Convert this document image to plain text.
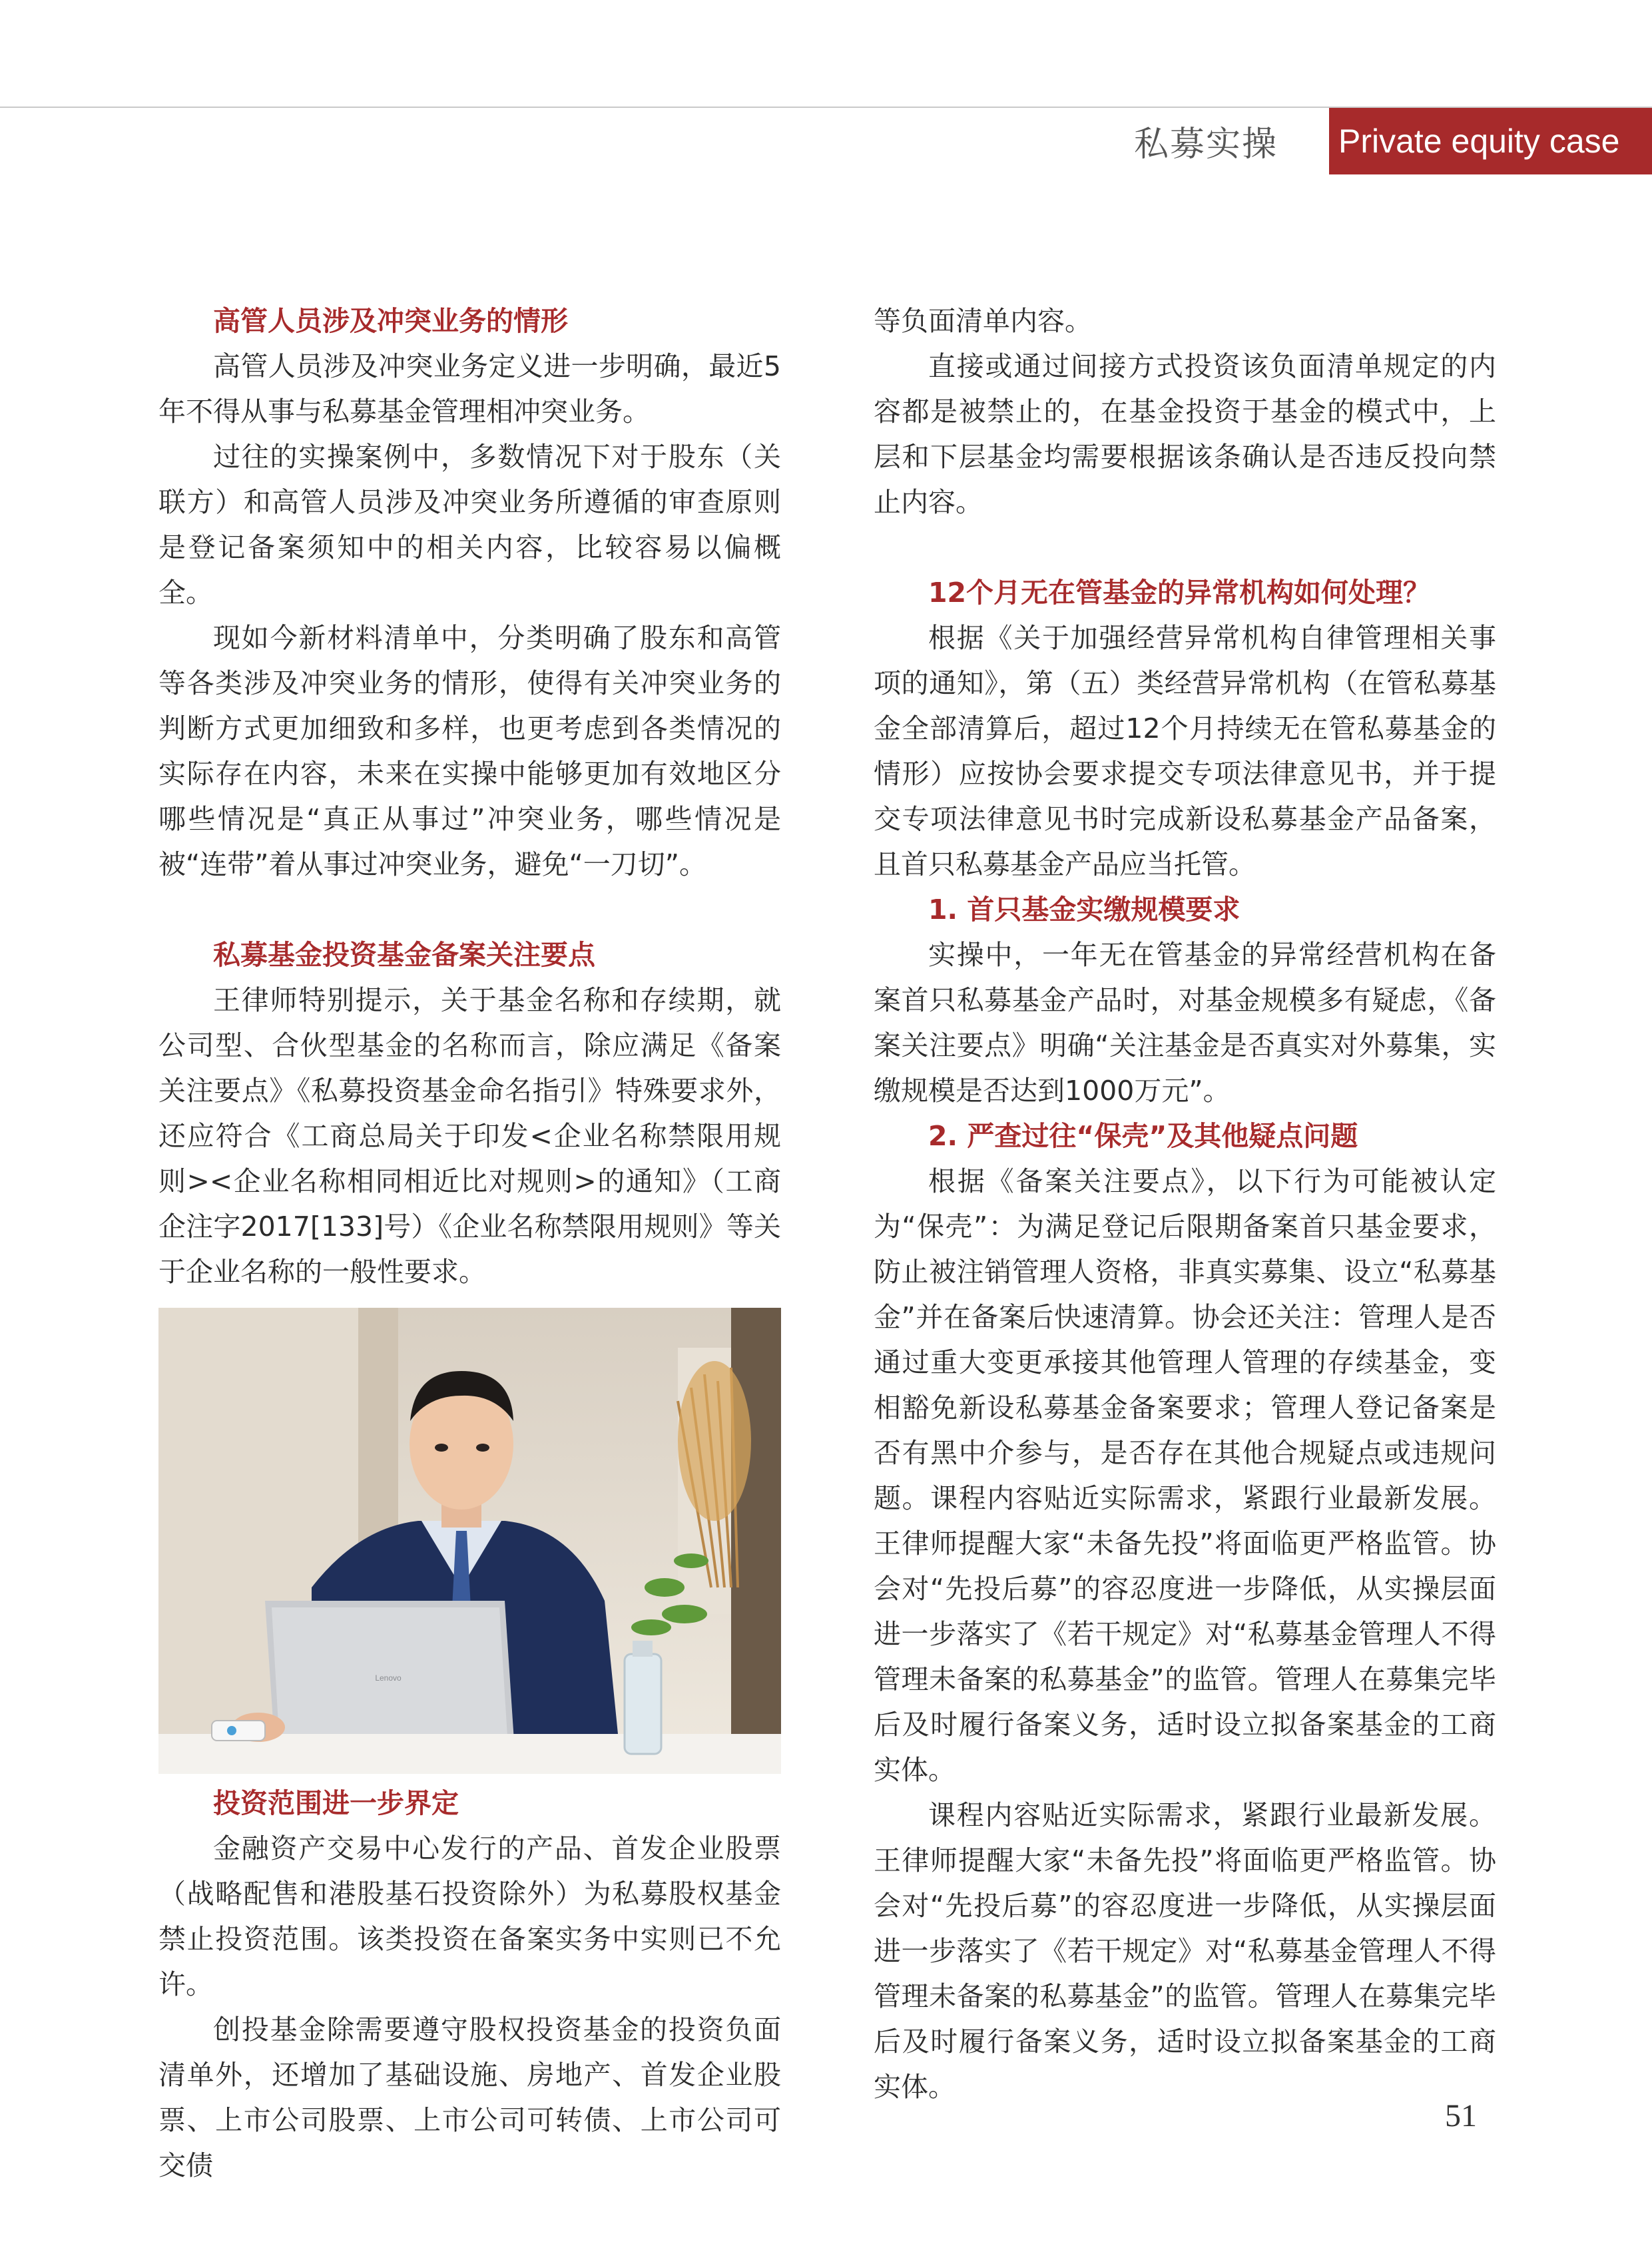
私募实操 Private equity case
高管人员涉及冲突业务的情形

高管人员涉及冲突业务定义进一步明确，最近5年不得从事与私募基金管理相冲突业务。

过往的实操案例中，多数情况下对于股东（关联方）和高管人员涉及冲突业务所遵循的审查原则是登记备案须知中的相关内容，比较容易以偏概全。

现如今新材料清单中，分类明确了股东和高管等各类涉及冲突业务的情形，使得有关冲突业务的判断方式更加细致和多样，也更考虑到各类情况的实际存在内容，未来在实操中能够更加有效地区分哪些情况是“真正从事过”冲突业务，哪些情况是被“连带”着从事过冲突业务，避免“一刀切”。

私募基金投资基金备案关注要点

王律师特别提示，关于基金名称和存续期，就公司型、合伙型基金的名称而言，除应满足《备案关注要点》《私募投资基金命名指引》特殊要求外，还应符合《工商总局关于印发<企业名称禁限用规则><企业名称相同相近比对规则>的通知》（工商企注字2017[133]号）《企业名称禁限用规则》等关于企业名称的一般性要求。

Lenovo
投资范围进一步界定

金融资产交易中心发行的产品、首发企业股票（战略配售和港股基石投资除外）为私募股权基金禁止投资范围。该类投资在备案实务中实则已不允许。

创投基金除需要遵守股权投资基金的投资负面清单外，还增加了基础设施、房地产、首发企业股票、上市公司股票、上市公司可转债、上市公司可交债

等负面清单内容。

直接或通过间接方式投资该负面清单规定的内容都是被禁止的，在基金投资于基金的模式中，上层和下层基金均需要根据该条确认是否违反投向禁止内容。

12个月无在管基金的异常机构如何处理？

根据《关于加强经营异常机构自律管理相关事项的通知》，第（五）类经营异常机构（在管私募基金全部清算后，超过12个月持续无在管私募基金的情形）应按协会要求提交专项法律意见书，并于提交专项法律意见书时完成新设私募基金产品备案，且首只私募基金产品应当托管。

1. 首只基金实缴规模要求

实操中，一年无在管基金的异常经营机构在备案首只私募基金产品时，对基金规模多有疑虑，《备案关注要点》明确“关注基金是否真实对外募集，实缴规模是否达到1000万元”。

2. 严查过往“保壳”及其他疑点问题

根据《备案关注要点》，以下行为可能被认定为“保壳”：为满足登记后限期备案首只基金要求，防止被注销管理人资格，非真实募集、设立“私募基金”并在备案后快速清算。协会还关注：管理人是否通过重大变更承接其他管理人管理的存续基金，变相豁免新设私募基金备案要求；管理人登记备案是否有黑中介参与，是否存在其他合规疑点或违规问题。课程内容贴近实际需求，紧跟行业最新发展。王律师提醒大家“未备先投”将面临更严格监管。协会对“先投后募”的容忍度进一步降低，从实操层面进一步落实了《若干规定》对“私募基金管理人不得管理未备案的私募基金”的监管。管理人在募集完毕后及时履行备案义务，适时设立拟备案基金的工商实体。

课程内容贴近实际需求，紧跟行业最新发展。王律师提醒大家“未备先投”将面临更严格监管。协会对“先投后募”的容忍度进一步降低，从实操层面进一步落实了《若干规定》对“私募基金管理人不得管理未备案的私募基金”的监管。管理人在募集完毕后及时履行备案义务，适时设立拟备案基金的工商实体。

51
